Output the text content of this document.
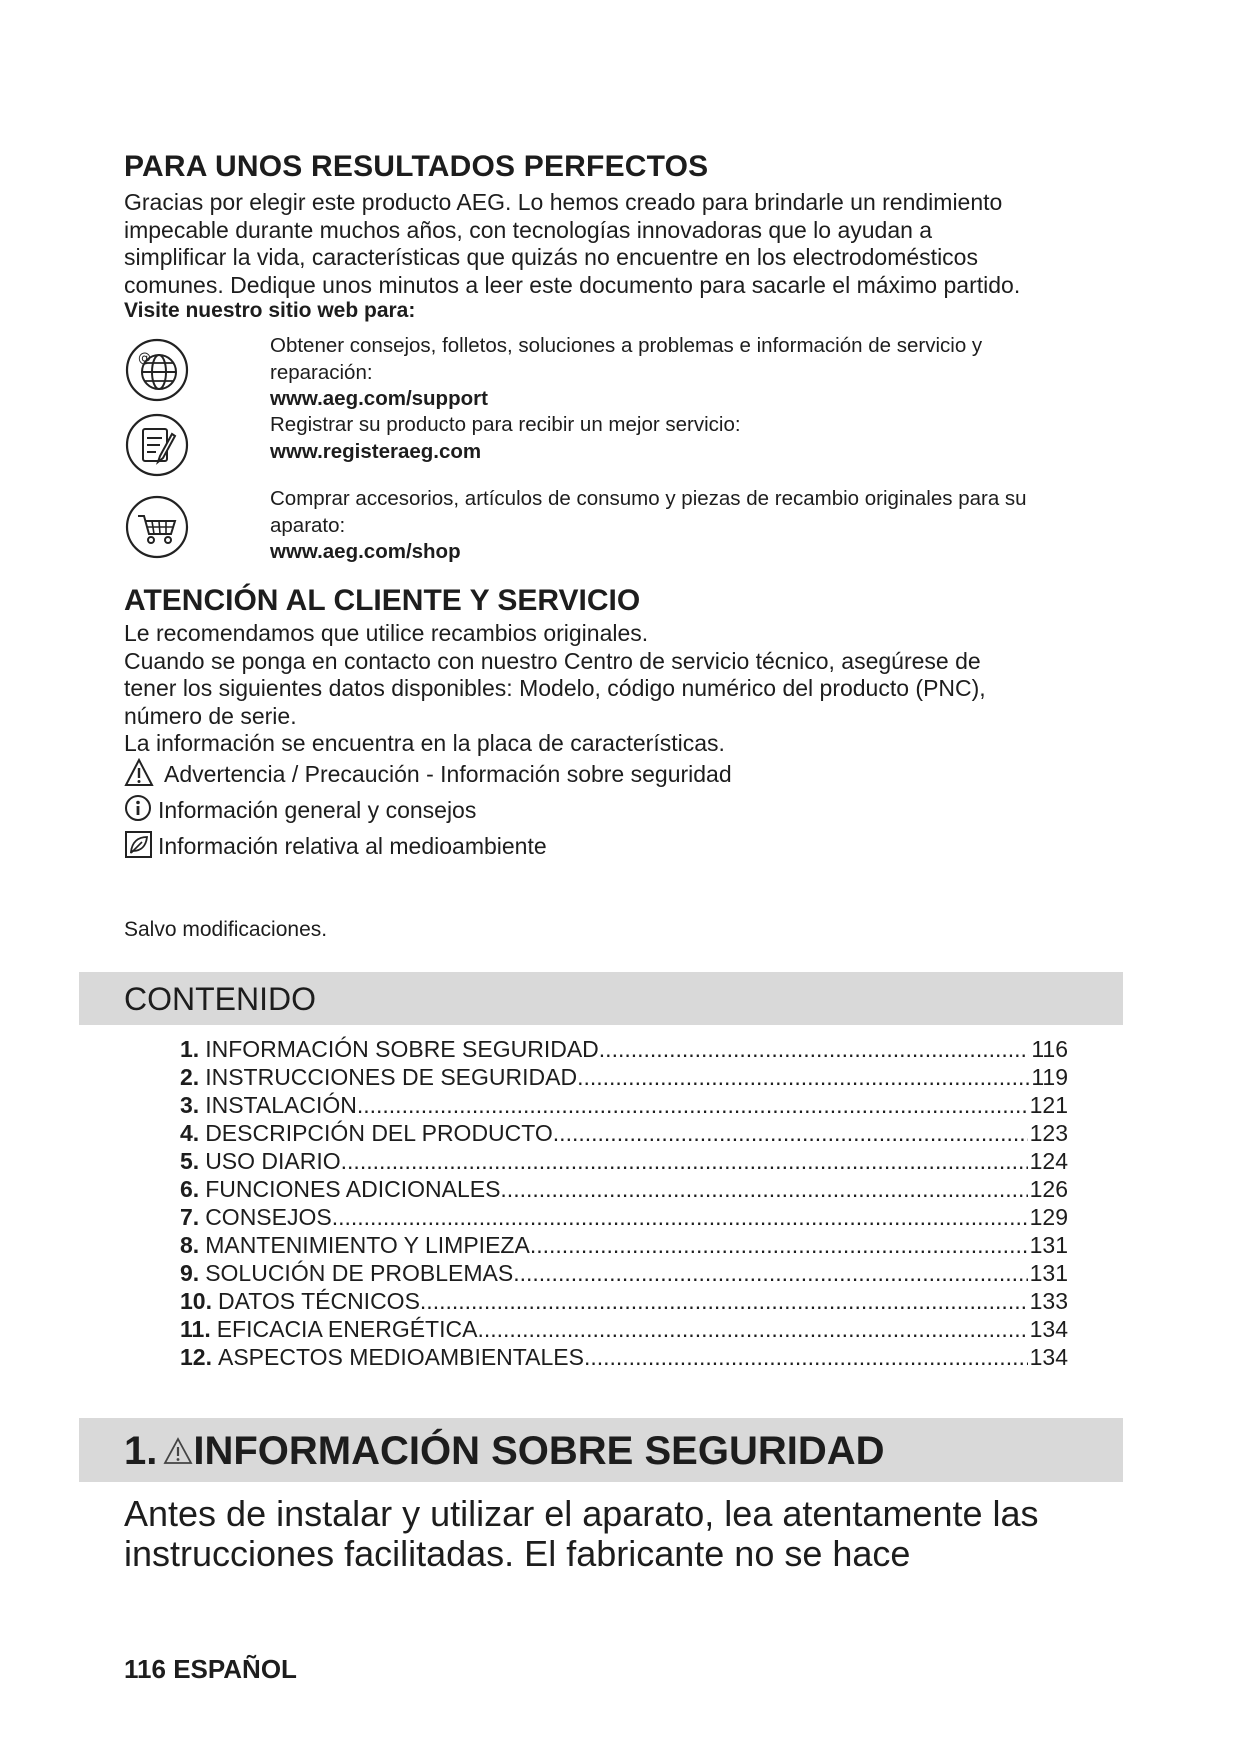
PARA UNOS RESULTADOS PERFECTOS

Gracias por elegir este producto AEG. Lo hemos creado para brindarle un rendimiento

impecable durante muchos años, con tecnologías innovadoras que lo ayudan a

simplificar la vida, características que quizás no encuentre en los electrodomésticos

comunes. Dedique unos minutos a leer este documento para sacarle el máximo partido.

Visite nuestro sitio web para:
@
Obtener consejos, folletos, soluciones a problemas e información de servicio y
reparación:
www.aeg.com/support
Registrar su producto para recibir un mejor servicio:
www.registeraeg.com
Comprar accesorios, artículos de consumo y piezas de recambio originales para su
aparato:
www.aeg.com/shop
ATENCIÓN AL CLIENTE Y SERVICIO

Le recomendamos que utilice recambios originales.

Cuando se ponga en contacto con nuestro Centro de servicio técnico, asegúrese de

tener los siguientes datos disponibles: Modelo, código numérico del producto (PNC),

número de serie.

La información se encuentra en la placa de características.

Advertencia / Precaución - Información sobre seguridad
Información general y consejos
Información relativa al medioambiente
Salvo modificaciones.
CONTENIDO
1. INFORMACIÓN SOBRE SEGURIDAD .....	116
2. INSTRUCCIONES DE SEGURIDAD .....	119
3. INSTALACIÓN .....	121
4. DESCRIPCIÓN DEL PRODUCTO .....	123
5. USO DIARIO .....	124
6. FUNCIONES ADICIONALES .....	126
7. CONSEJOS .....	129
8. MANTENIMIENTO Y LIMPIEZA .....	131
9. SOLUCIÓN DE PROBLEMAS .....	131
10. DATOS TÉCNICOS .....	133
11. EFICACIA ENERGÉTICA .....	134
12. ASPECTOS MEDIOAMBIENTALES .....	134
1. INFORMACIÓN SOBRE SEGURIDAD
Antes de instalar y utilizar el aparato, lea atentamente las
instrucciones facilitadas. El fabricante no se hace
116 ESPAÑOL
